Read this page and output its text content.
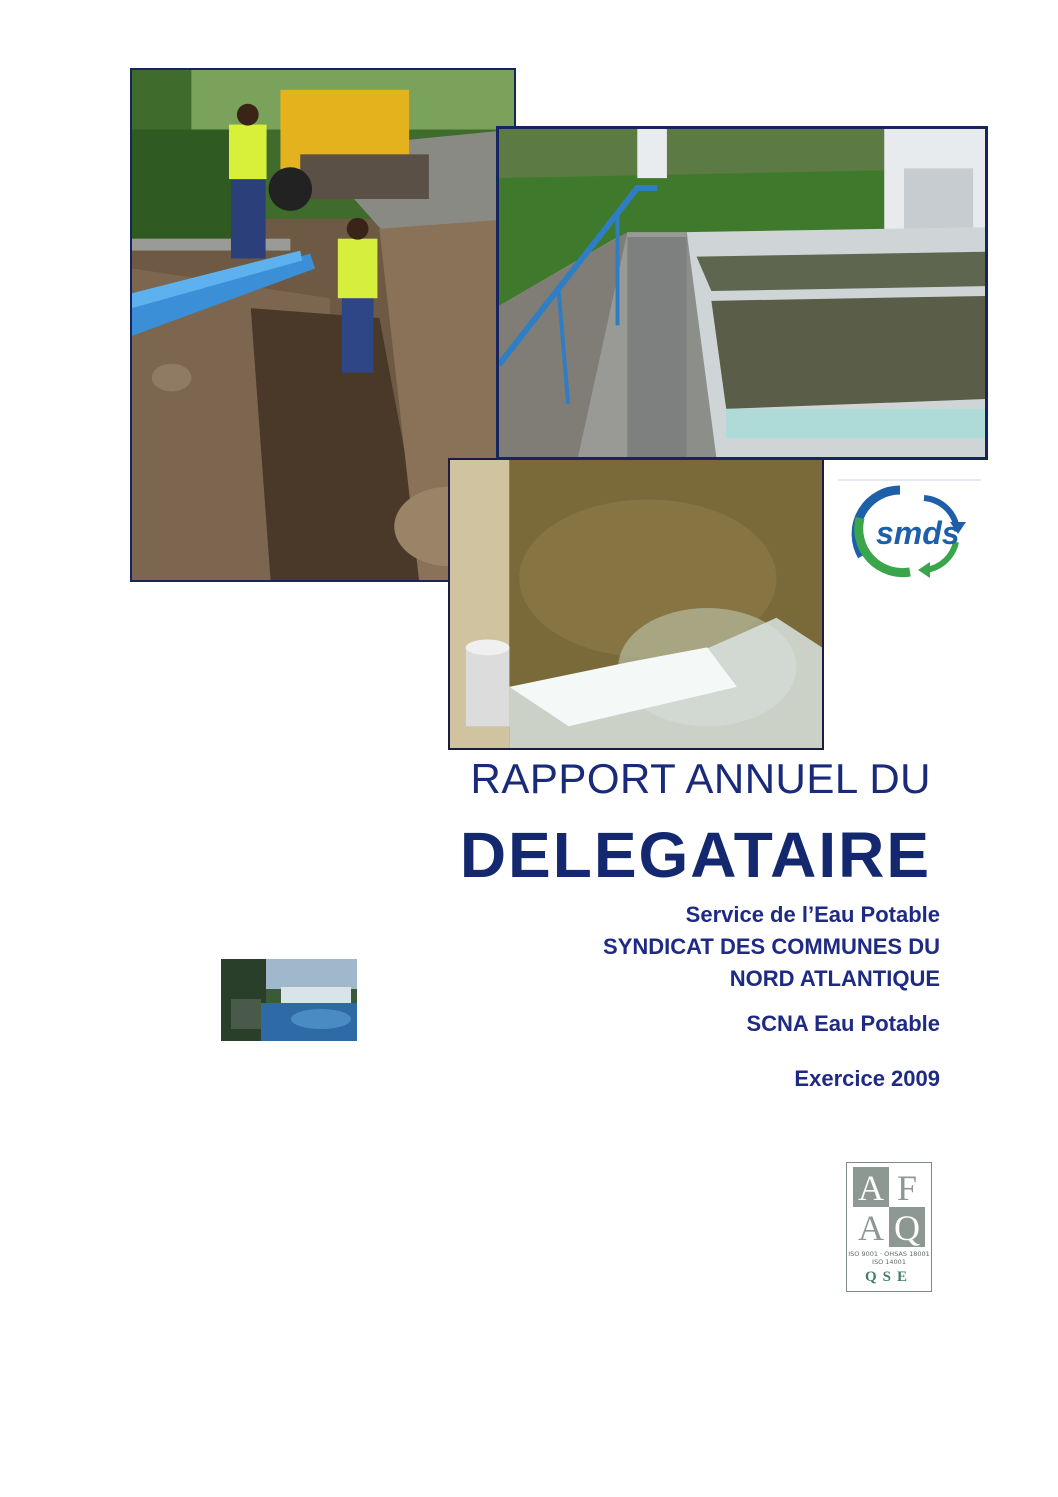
smds
RAPPORT ANNUEL DU
DELEGATAIRE

Service de l’Eau Potable

SYNDICAT DES COMMUNES DU

NORD ATLANTIQUE

SCNA Eau Potable

Exercice 2009

A F
A Q
ISO 9001 · OHSAS 18001
ISO 14001
QSE
